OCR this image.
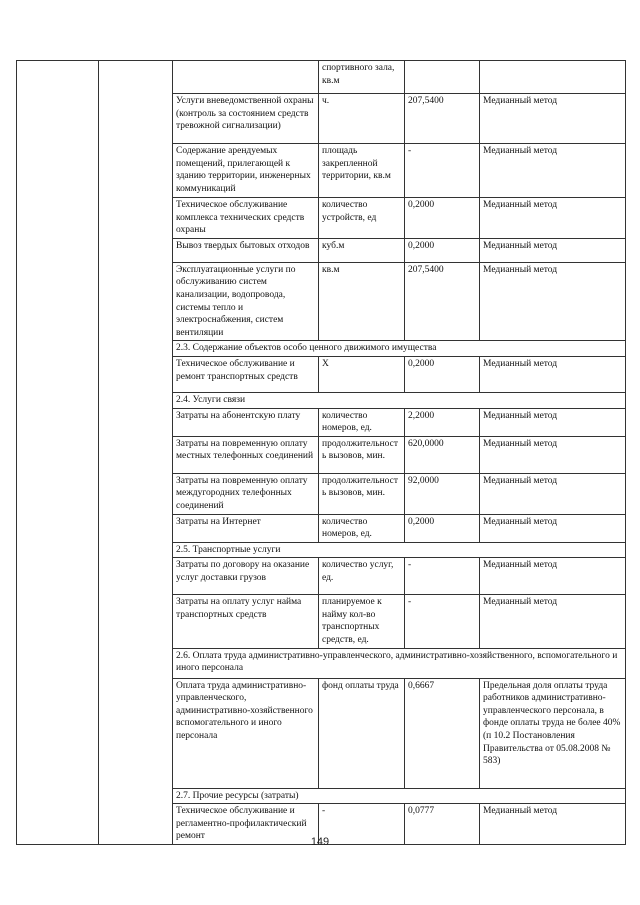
			спортивного зала, кв.м		
		Услуги вневедомственной охраны (контроль за состоянием средств тревожной сигнализации)	ч.	207,5400	Медианный метод
		Содержание арендуемых помещений, прилегающей к зданию территории, инженерных коммуникаций	площадь закрепленной территории, кв.м	-	Медианный метод
		Техническое обслуживание комплекса технических средств охраны	количество устройств, ед	0,2000	Медианный метод
		Вывоз твердых бытовых отходов	куб.м	0,2000	Медианный метод
		Эксплуатационные услуги по обслуживанию систем канализации, водопровода, системы тепло и электроснабжения, систем вентиляции	кв.м	207,5400	Медианный метод
		2.3. Содержание объектов особо ценного движимого имущества			
		Техническое обслуживание и ремонт транспортных средств	Х	0,2000	Медианный метод
		2.4. Услуги связи			
		Затраты на абонентскую плату	количество номеров, ед.	2,2000	Медианный метод
		Затраты на повременную оплату местных телефонных соединений	продолжительность вызовов, мин.	620,0000	Медианный метод
		Затраты на повременную оплату междугородних телефонных соединений	продолжительность вызовов, мин.	92,0000	Медианный метод
		Затраты на Интернет	количество номеров, ед.	0,2000	Медианный метод
		2.5. Транспортные услуги			
		Затраты по договору на оказание услуг доставки грузов	количество услуг, ед.	-	Медианный метод
		Затраты на оплату услуг найма транспортных средств	планируемое к найму кол-во транспортных средств, ед.	-	Медианный метод
		2.6. Оплата труда административно-управленческого, административно-хозяйственного, вспомогательного и иного персонала			
		Оплата труда административно-управленческого, административно-хозяйственного вспомогательного и иного персонала	фонд оплаты труда	0,6667	Предельная доля оплаты труда работников административно-управленческого персонала, в фонде оплаты труда не более 40% (п 10.2 Постановления Правительства от 05.08.2008 № 583)
		2.7. Прочие ресурсы (затраты)			
		Техническое обслуживание и регламентно-профилактический ремонт	-	0,0777	Медианный метод
149
